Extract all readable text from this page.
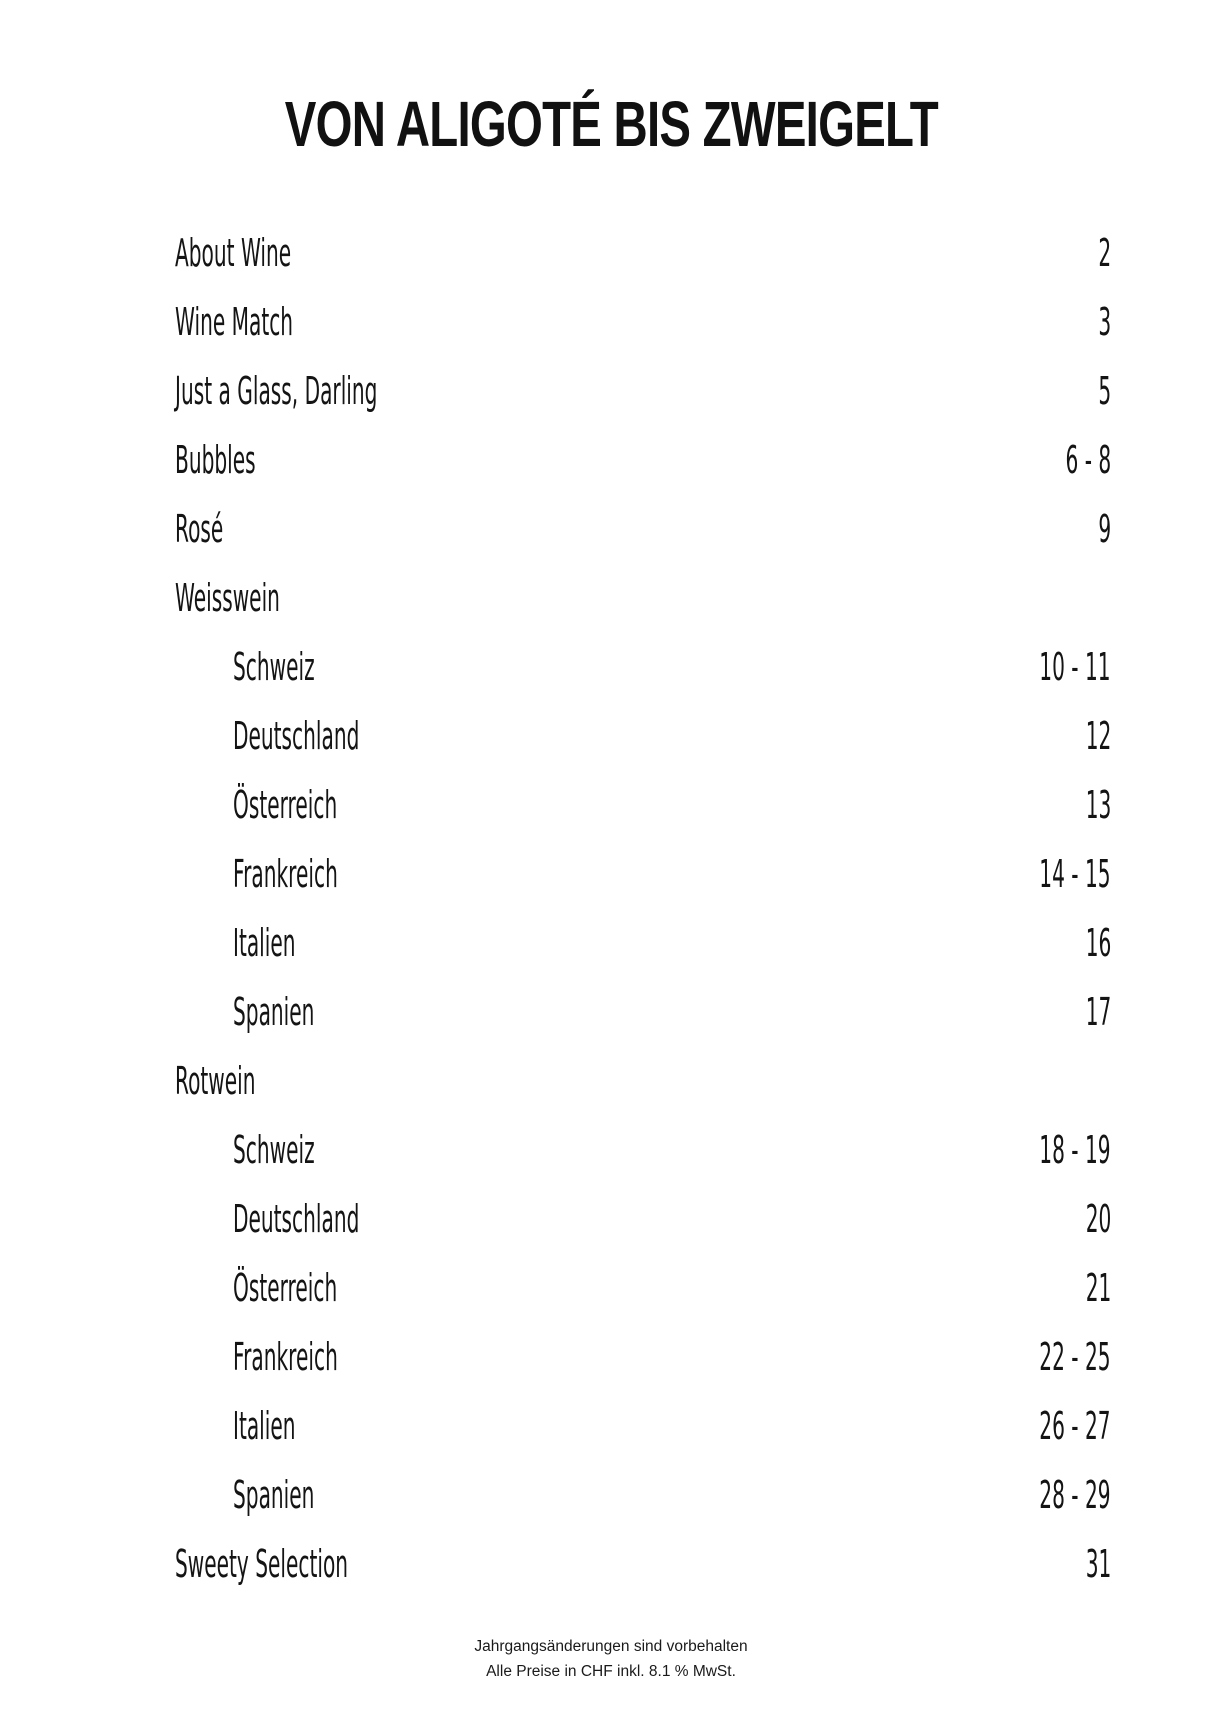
VON ALIGOTÉ BIS ZWEIGELT
About Wine	2
Wine Match	3
Just a Glass, Darling	5
Bubbles	6 - 8
Rosé	9
Weisswein
Schweiz	10 - 11
Deutschland	12
Österreich	13
Frankreich	14 - 15
Italien	16
Spanien	17
Rotwein
Schweiz	18 - 19
Deutschland	20
Österreich	21
Frankreich	22 - 25
Italien	26 - 27
Spanien	28 - 29
Sweety Selection	31
Jahrgangsänderungen sind vorbehalten
Alle Preise in CHF inkl. 8.1 % MwSt.
